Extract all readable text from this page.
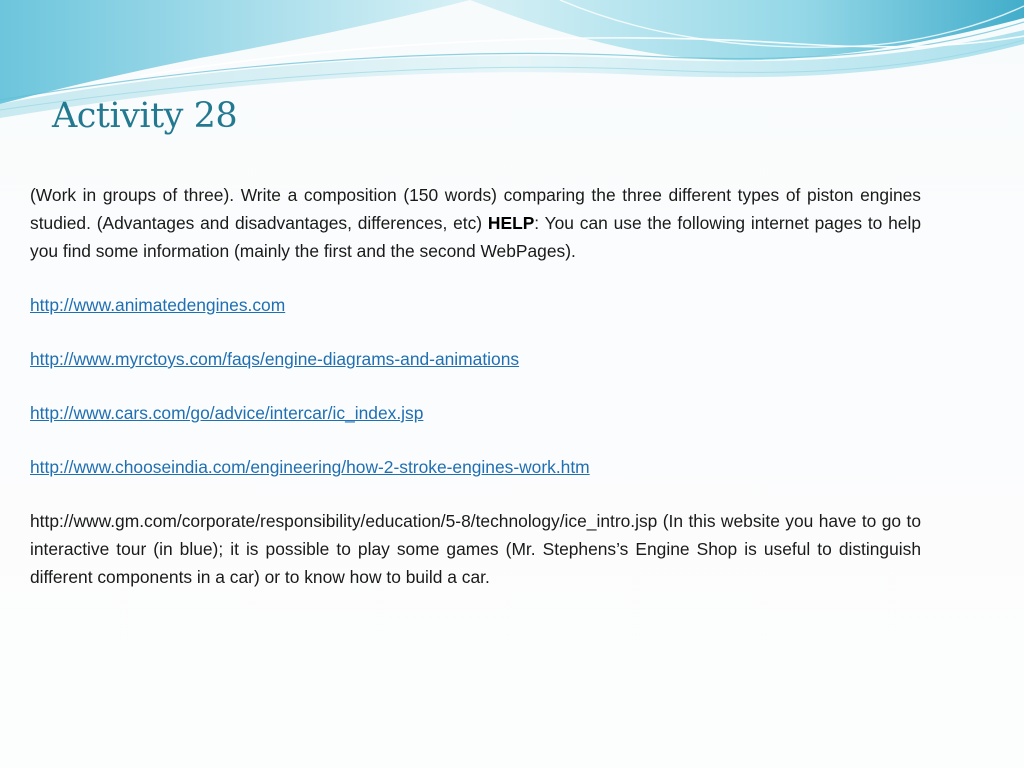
Activity 28

(Work in groups of three). Write a composition (150 words) comparing the three different types of piston engines studied. (Advantages and disadvantages, differences, etc) HELP: You can use the following internet pages to help you find some information (mainly the first and the second WebPages).

http://www.animatedengines.com

http://www.myrctoys.com/faqs/engine-diagrams-and-animations

http://www.cars.com/go/advice/intercar/ic_index.jsp

http://www.chooseindia.com/engineering/how-2-stroke-engines-work.htm

http://www.gm.com/corporate/responsibility/education/5-8/technology/ice_intro.jsp (In this website you have to go to interactive tour (in blue); it is possible to play some games (Mr. Stephens’s Engine Shop is useful to distinguish different components in a car) or to know how to build a car.
